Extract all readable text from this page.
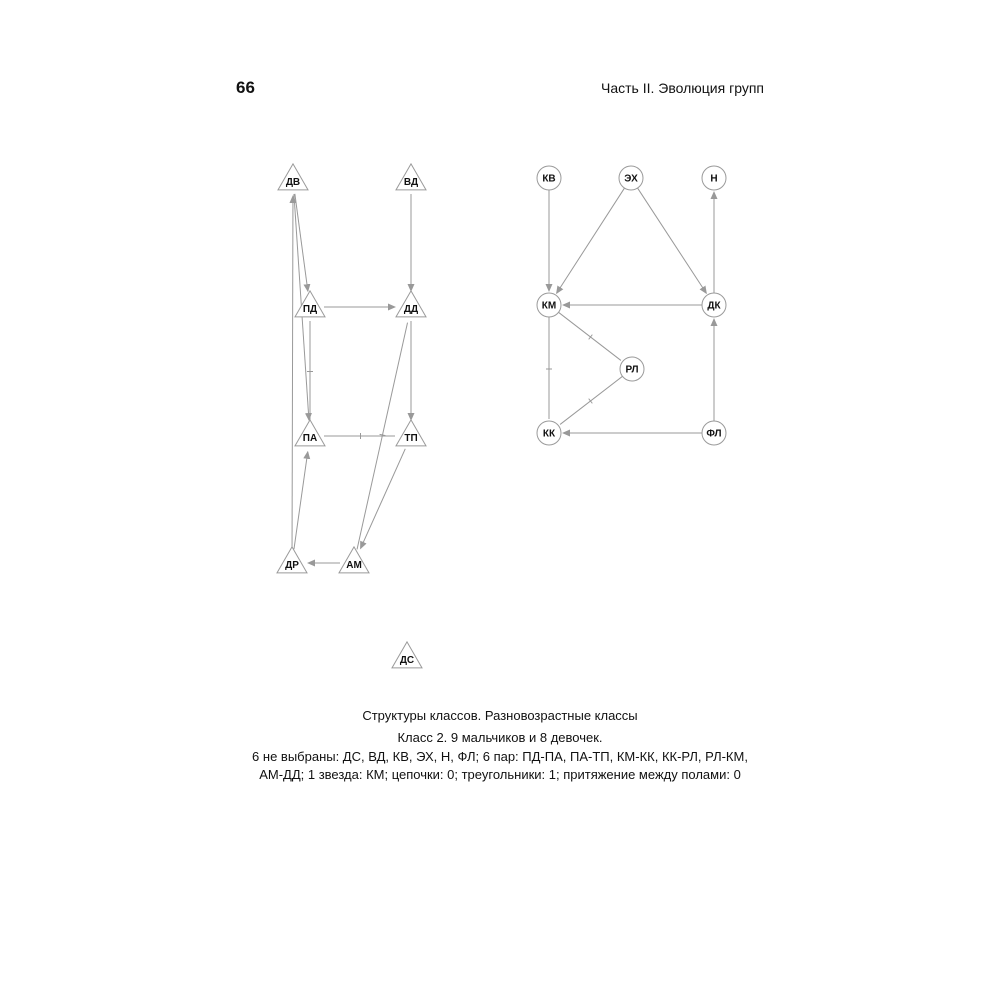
66	Часть II. Эволюция групп
ДВ	ВД
ПД	ДД
ПА	ТП
ДР	АМ
ДС
КВ	ЭХ	Н
КМ	ДК
РЛ
КК	ФЛ
Структуры классов. Разновозрастные классы
Класс 2. 9 мальчиков и 8 девочек.
6 не выбраны: ДС, ВД, КВ, ЭХ, Н, ФЛ; 6 пар: ПД-ПА, ПА-ТП, КМ-КК, КК-РЛ, РЛ-КМ,
АМ-ДД; 1 звезда: КМ; цепочки: 0; треугольники: 1; притяжение между полами: 0
